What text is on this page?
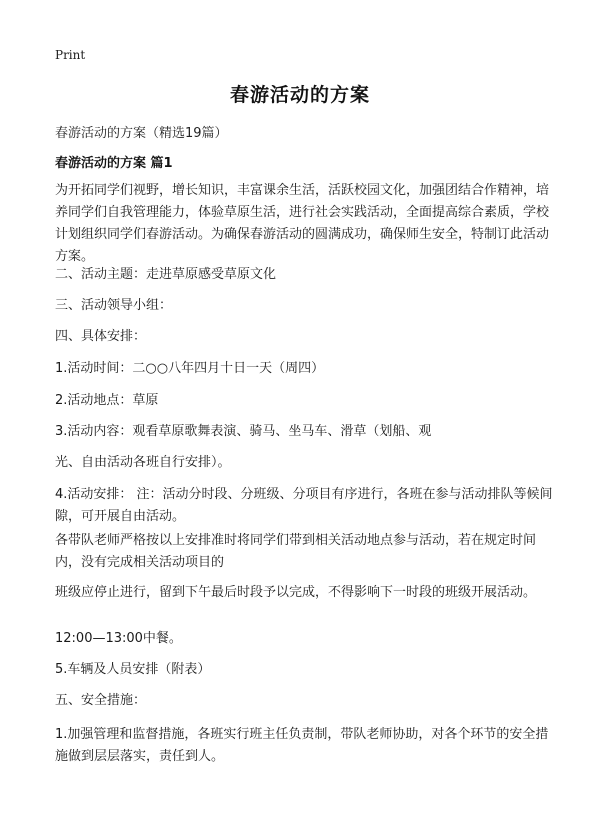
Print
春游活动的方案
春游活动的方案（精选19篇）
春游活动的方案 篇1
为开拓同学们视野，增长知识，丰富课余生活，活跃校园文化，加强团结合作精神，培养同学们自我管理能力，体验草原生活，进行社会实践活动，全面提高综合素质，学校计划组织同学们春游活动。为确保春游活动的圆满成功，确保师生安全，特制订此活动方案。
二、活动主题：走进草原感受草原文化
三、活动领导小组：
四、具体安排：
1.活动时间：二○○八年四月十日一天（周四）
2.活动地点：草原
3.活动内容：观看草原歌舞表演、骑马、坐马车、滑草（划船、观
光、自由活动各班自行安排）。
4.活动安排： 注：活动分时段、分班级、分项目有序进行，各班在参与活动排队等候间隙，可开展自由活动。
各带队老师严格按以上安排准时将同学们带到相关活动地点参与活动，若在规定时间内，没有完成相关活动项目的
班级应停止进行，留到下午最后时段予以完成，不得影响下一时段的班级开展活动。
12:00—13:00中餐。
5.车辆及人员安排（附表）
五、安全措施：
1.加强管理和监督措施，各班实行班主任负责制，带队老师协助，对各个环节的安全措施做到层层落实，责任到人。
